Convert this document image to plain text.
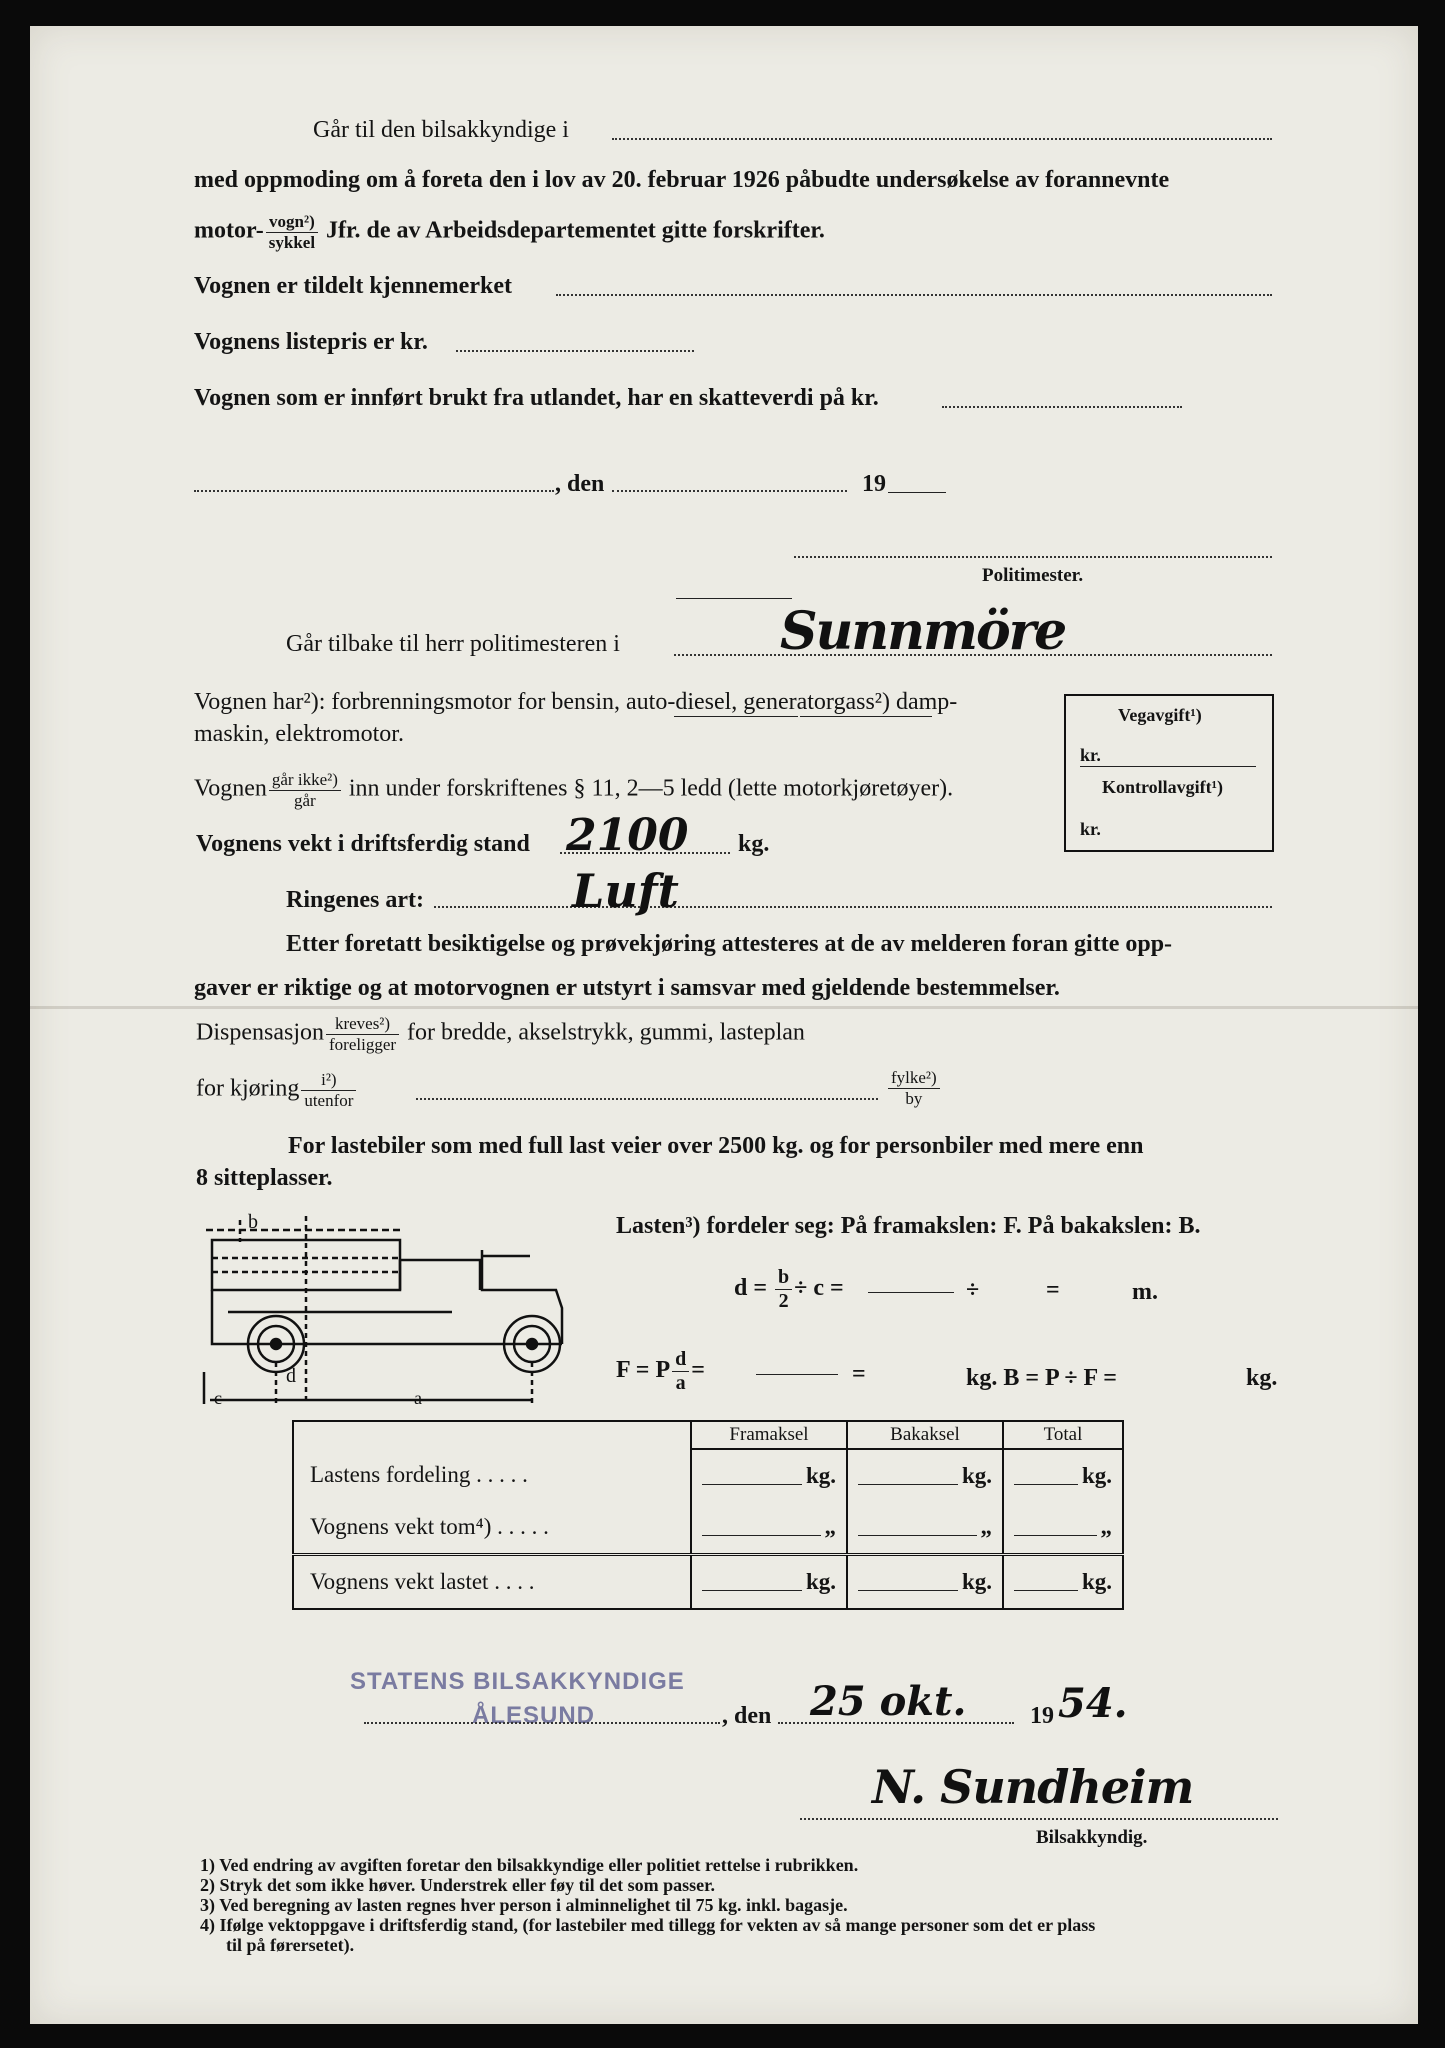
Går til den bilsakkyndige i
med oppmoding om å foreta den i lov av 20. februar 1926 påbudte undersøkelse av forannevnte
motor- $\frac{\text{vogn²)}}{\text{sykkel}}$ Jfr. de av Arbeidsdepartementet gitte forskrifter.
Vognen er tildelt kjennemerket
Vognens listepris er kr.
Vognen som er innført brukt fra utlandet, har en skatteverdi på kr.
, den	19
Politimester.
Går tilbake til herr politimesteren i	Sunnmöre
Vognen har²): forbrenningsmotor for bensin, auto-diesel, generatorgass²) damp-
maskin, elektromotor.
Vognen $\frac{\text{går ikke²)}}{\text{går}}$ inn under forskriftenes § 11, 2—5 ledd (lette motorkjøretøyer).
Vegavgift¹)
kr.
Kontrollavgift¹)
kr.
Vognens vekt i driftsferdig stand 2100 kg.
Ringenes art:	Luft
Etter foretatt besiktigelse og prøvekjøring attesteres at de av melderen foran gitte opp-
gaver er riktige og at motorvognen er utstyrt i samsvar med gjeldende bestemmelser.
Dispensasjon $\frac{\text{kreves²)}}{\text{foreligger}}$ for bredde, akselstrykk, gummi, lasteplan
for kjøring $\frac{\text{i²)}}{\text{utenfor}}$	$\frac{\text{fylke²)}}{by}$
For lastebiler som med full last veier over 2500 kg. og for personbiler med mere enn
8 sitteplasser.
b
d
c	a
Lasten³) fordeler seg: På framakslen: F. På bakakslen: B.
$d = \frac{b}{2} \div c$ =	÷	=	m.
F = P $\frac{d}{a}$ =	=	kg. B = P ÷ F =	kg.
	Framaksel	Bakaksel	Total
Lastens fordeling . . . . .	kg.	kg.	kg.

Vognens vekt tom⁴) . . . . .	„	„	„

Vognens vekt lastet . . . .	kg.	kg.	kg.
STATENS BILSAKKYNDIGE
ÅLESUND	, den 25 okt.	19 54.
N. Sundheim
Bilsakkyndig.
1) Ved endring av avgiften foretar den bilsakkyndige eller politiet rettelse i rubrikken.
2) Stryk det som ikke høver. Understrek eller føy til det som passer.
3) Ved beregning av lasten regnes hver person i alminnelighet til 75 kg. inkl. bagasje.
4) Ifølge vektoppgave i driftsferdig stand, (for lastebiler med tillegg for vekten av så mange personer som det er plass
til på førersetet).
